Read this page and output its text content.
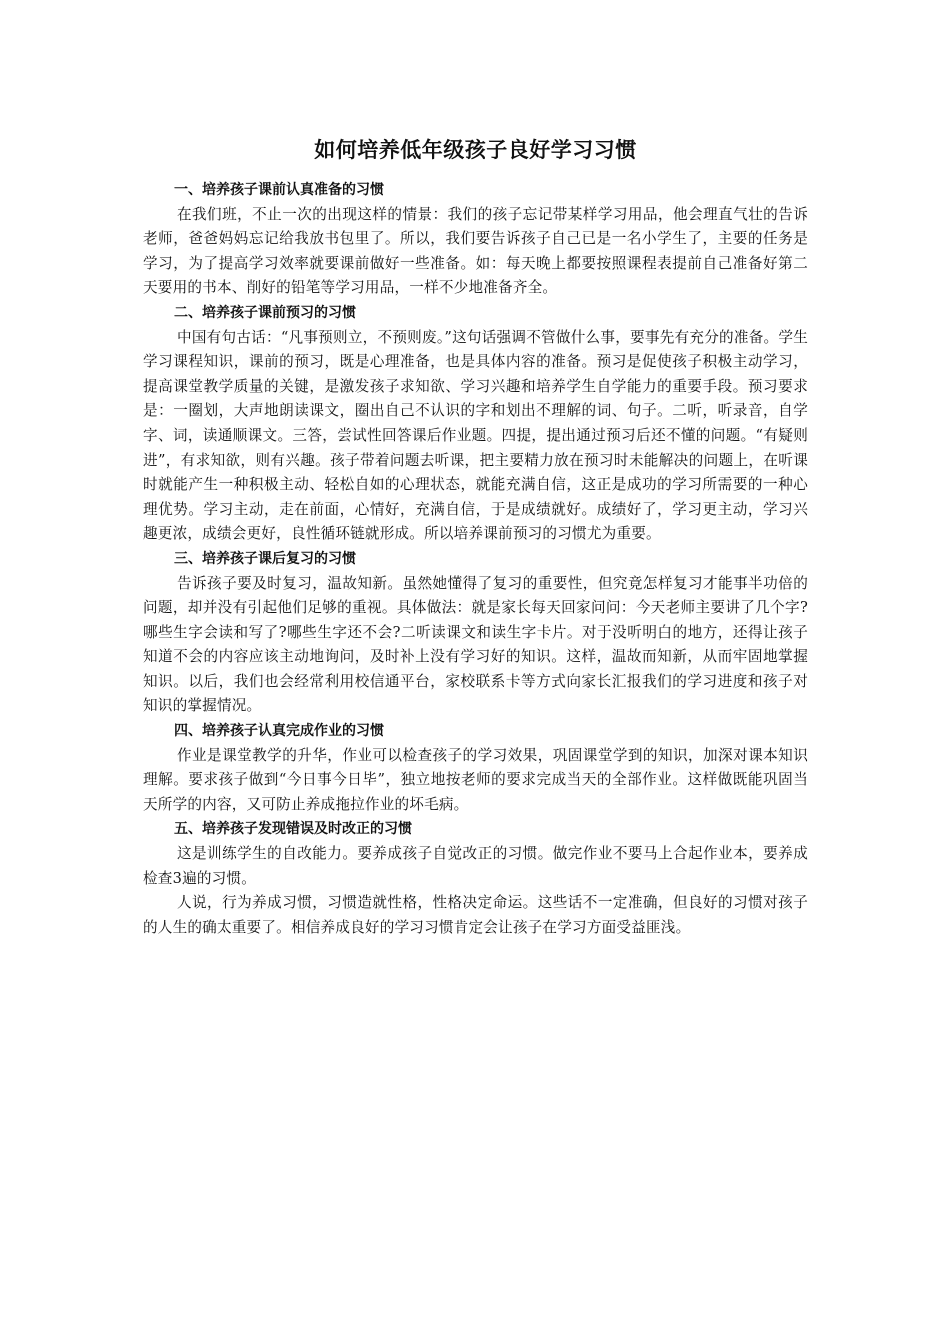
如何培养低年级孩子良好学习习惯
一、培养孩子课前认真准备的习惯

在我们班，不止一次的出现这样的情景：我们的孩子忘记带某样学习用品，他会理直气壮的告诉老师，爸爸妈妈忘记给我放书包里了。所以，我们要告诉孩子自己已是一名小学生了，主要的任务是学习，为了提高学习效率就要课前做好一些准备。如：每天晚上都要按照课程表提前自己准备好第二天要用的书本、削好的铅笔等学习用品，一样不少地准备齐全。

二、培养孩子课前预习的习惯

中国有句古话：“凡事预则立，不预则废。”这句话强调不管做什么事，要事先有充分的准备。学生学习课程知识，课前的预习，既是心理准备，也是具体内容的准备。预习是促使孩子积极主动学习，提高课堂教学质量的关键，是激发孩子求知欲、学习兴趣和培养学生自学能力的重要手段。预习要求是：一圈划，大声地朗读课文，圈出自己不认识的字和划出不理解的词、句子。二听，听录音，自学字、词，读通顺课文。三答，尝试性回答课后作业题。四提，提出通过预习后还不懂的问题。“有疑则进”，有求知欲，则有兴趣。孩子带着问题去听课，把主要精力放在预习时未能解决的问题上，在听课时就能产生一种积极主动、轻松自如的心理状态，就能充满自信，这正是成功的学习所需要的一种心理优势。学习主动，走在前面，心情好，充满自信，于是成绩就好。成绩好了，学习更主动，学习兴趣更浓，成绩会更好，良性循环链就形成。所以培养课前预习的习惯尤为重要。

三、培养孩子课后复习的习惯

告诉孩子要及时复习，温故知新。虽然她懂得了复习的重要性，但究竟怎样复习才能事半功倍的问题，却并没有引起他们足够的重视。具体做法：就是家长每天回家问问：今天老师主要讲了几个字?哪些生字会读和写了?哪些生字还不会?二听读课文和读生字卡片。对于没听明白的地方，还得让孩子知道不会的内容应该主动地询问，及时补上没有学习好的知识。这样，温故而知新，从而牢固地掌握知识。以后，我们也会经常利用校信通平台，家校联系卡等方式向家长汇报我们的学习进度和孩子对知识的掌握情况。

四、培养孩子认真完成作业的习惯

作业是课堂教学的升华，作业可以检查孩子的学习效果，巩固课堂学到的知识，加深对课本知识理解。要求孩子做到“今日事今日毕”，独立地按老师的要求完成当天的全部作业。这样做既能巩固当天所学的内容，又可防止养成拖拉作业的坏毛病。

五、培养孩子发现错误及时改正的习惯

这是训练学生的自改能力。要养成孩子自觉改正的习惯。做完作业不要马上合起作业本，要养成检查3遍的习惯。

人说，行为养成习惯，习惯造就性格，性格决定命运。这些话不一定准确，但良好的习惯对孩子的人生的确太重要了。相信养成良好的学习习惯肯定会让孩子在学习方面受益匪浅。
